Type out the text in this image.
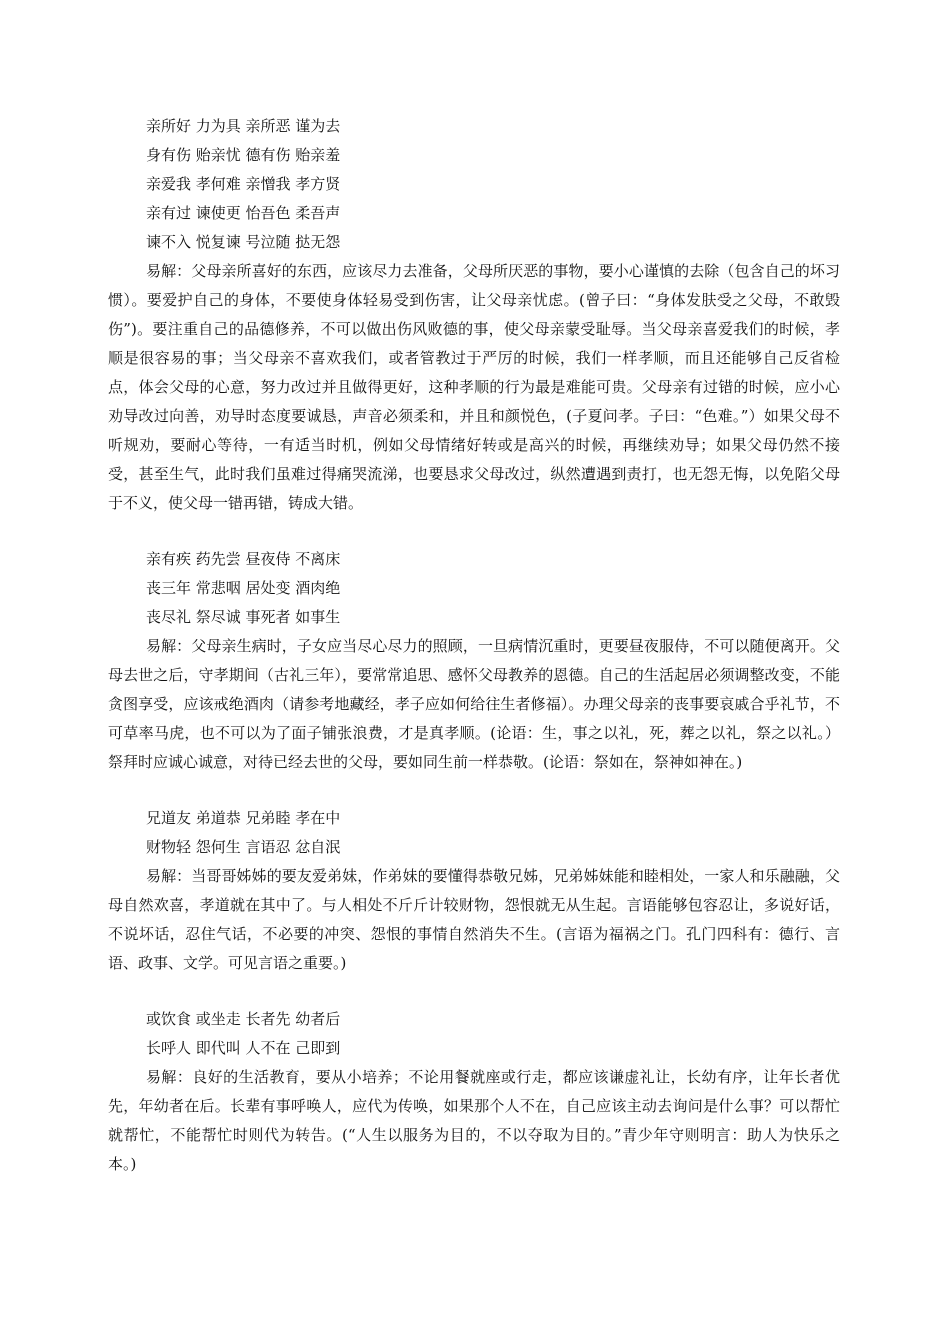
亲所好 力为具 亲所恶 谨为去

身有伤 贻亲忧 德有伤 贻亲羞

亲爱我 孝何难 亲憎我 孝方贤

亲有过 谏使更 怡吾色 柔吾声

谏不入 悦复谏 号泣随 挞无怨

易解：父母亲所喜好的东西，应该尽力去准备，父母所厌恶的事物，要小心谨慎的去除（包含自己的坏习惯）。要爱护自己的身体，不要使身体轻易受到伤害，让父母亲忧虑。(曾子曰：“身体发肤受之父母，不敢毁伤”)。要注重自己的品德修养，不可以做出伤风败德的事，使父母亲蒙受耻辱。当父母亲喜爱我们的时候，孝顺是很容易的事；当父母亲不喜欢我们，或者管教过于严厉的时候，我们一样孝顺，而且还能够自己反省检点，体会父母的心意，努力改过并且做得更好，这种孝顺的行为最是难能可贵。父母亲有过错的时候，应小心劝导改过向善，劝导时态度要诚恳，声音必须柔和，并且和颜悦色，(子夏问孝。子曰：“色难。”）如果父母不听规劝，要耐心等待，一有适当时机，例如父母情绪好转或是高兴的时候，再继续劝导；如果父母仍然不接受，甚至生气，此时我们虽难过得痛哭流涕，也要恳求父母改过，纵然遭遇到责打，也无怨无悔，以免陷父母于不义，使父母一错再错，铸成大错。

亲有疾 药先尝 昼夜侍 不离床

丧三年 常悲咽 居处变 酒肉绝

丧尽礼 祭尽诚 事死者 如事生

易解：父母亲生病时，子女应当尽心尽力的照顾，一旦病情沉重时，更要昼夜服侍，不可以随便离开。父母去世之后，守孝期间（古礼三年），要常常追思、感怀父母教养的恩德。自己的生活起居必须调整改变，不能贪图享受，应该戒绝酒肉（请参考地藏经，孝子应如何给往生者修福）。办理父母亲的丧事要哀戚合乎礼节，不可草率马虎，也不可以为了面子铺张浪费，才是真孝顺。(论语：生，事之以礼，死，葬之以礼，祭之以礼。）祭拜时应诚心诚意，对待已经去世的父母，要如同生前一样恭敬。(论语：祭如在，祭神如神在。)

兄道友 弟道恭 兄弟睦 孝在中

财物轻 怨何生 言语忍 忿自泯

易解：当哥哥姊姊的要友爱弟妹，作弟妹的要懂得恭敬兄姊，兄弟姊妹能和睦相处，一家人和乐融融，父母自然欢喜，孝道就在其中了。与人相处不斤斤计较财物，怨恨就无从生起。言语能够包容忍让，多说好话，不说坏话，忍住气话，不必要的冲突、怨恨的事情自然消失不生。(言语为福祸之门。孔门四科有：德行、言语、政事、文学。可见言语之重要。)

或饮食 或坐走 长者先 幼者后

长呼人 即代叫 人不在 己即到

易解：良好的生活教育，要从小培养；不论用餐就座或行走，都应该谦虚礼让，长幼有序，让年长者优先，年幼者在后。长辈有事呼唤人，应代为传唤，如果那个人不在，自己应该主动去询问是什么事？可以帮忙就帮忙，不能帮忙时则代为转告。(“人生以服务为目的，不以夺取为目的。”青少年守则明言：助人为快乐之本。)
